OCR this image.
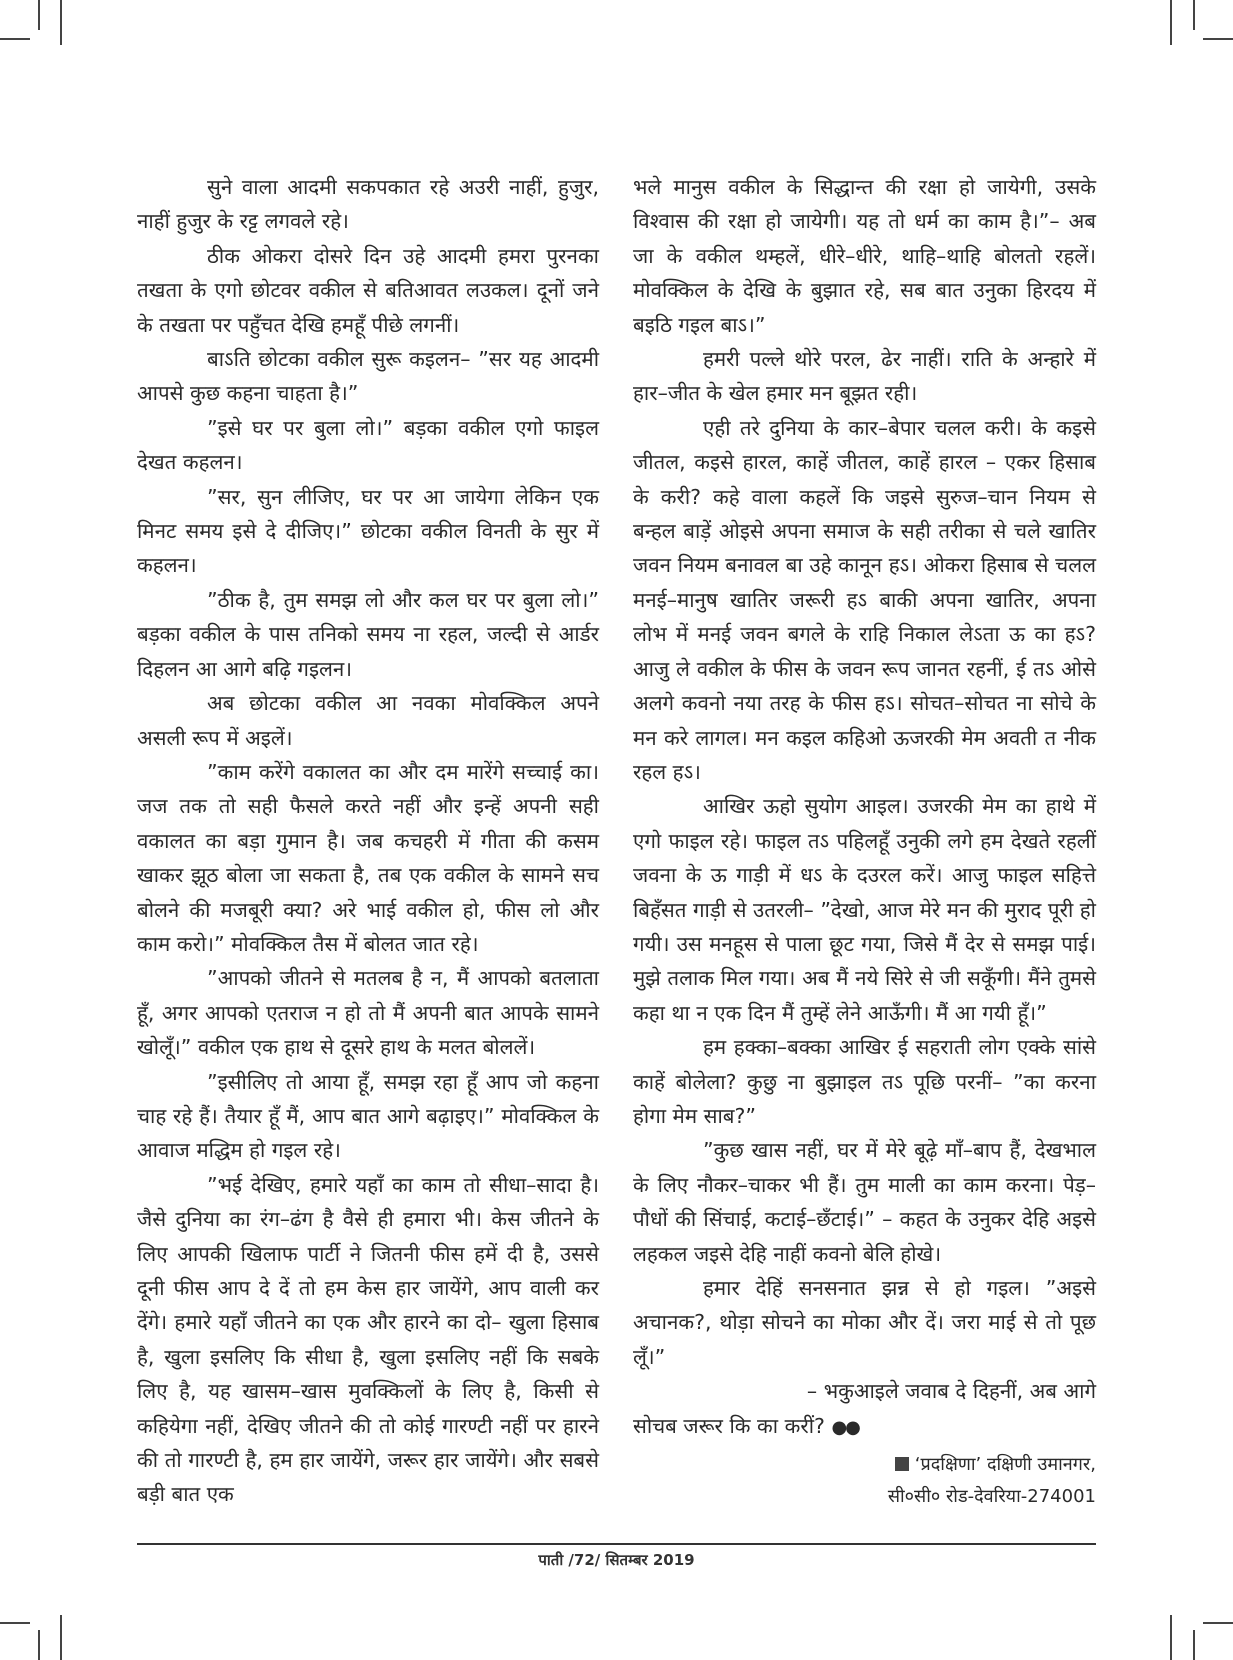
सुने वाला आदमी सकपकात रहे अउरी नाहीं, हुजुर, नाहीं हुजुर के रट्ट लगवले रहे।

ठीक ओकरा दोसरे दिन उहे आदमी हमरा पुरनका तखता के एगो छोटवर वकील से बतिआवत लउकल। दूनों जने के तखता पर पहुँचत देखि हमहूँ पीछे लगनीं।

बाऽति छोटका वकील सुरू कइलन– ”सर यह आदमी आपसे कुछ कहना चाहता है।”

”इसे घर पर बुला लो।” बड़का वकील एगो फाइल देखत कहलन।

”सर, सुन लीजिए, घर पर आ जायेगा लेकिन एक मिनट समय इसे दे दीजिए।” छोटका वकील विनती के सुर में कहलन।

”ठीक है, तुम समझ लो और कल घर पर बुला लो।” बड़का वकील के पास तनिको समय ना रहल, जल्दी से आर्डर दिहलन आ आगे बढ़ि गइलन।

अब छोटका वकील आ नवका मोवक्किल अपने असली रूप में अइलें।

”काम करेंगे वकालत का और दम मारेंगे सच्चाई का। जज तक तो सही फैसले करते नहीं और इन्हें अपनी सही वकालत का बड़ा गुमान है। जब कचहरी में गीता की कसम खाकर झूठ बोला जा सकता है, तब एक वकील के सामने सच बोलने की मजबूरी क्या? अरे भाई वकील हो, फीस लो और काम करो।” मोवक्किल तैस में बोलत जात रहे।

”आपको जीतने से मतलब है न, मैं आपको बतलाता हूँ, अगर आपको एतराज न हो तो मैं अपनी बात आपके सामने खोलूँ।” वकील एक हाथ से दूसरे हाथ के मलत बोललें।

”इसीलिए तो आया हूँ, समझ रहा हूँ आप जो कहना चाह रहे हैं। तैयार हूँ मैं, आप बात आगे बढ़ाइए।” मोवक्किल के आवाज मद्धिम हो गइल रहे।

”भई देखिए, हमारे यहाँ का काम तो सीधा–सादा है। जैसे दुनिया का रंग–ढंग है वैसे ही हमारा भी। केस जीतने के लिए आपकी खिलाफ पार्टी ने जितनी फीस हमें दी है, उससे दूनी फीस आप दे दें तो हम केस हार जायेंगे, आप वाली कर देंगे। हमारे यहाँ जीतने का एक और हारने का दो– खुला हिसाब है, खुला इसलिए कि सीधा है, खुला इसलिए नहीं कि सबके लिए है, यह खासम–खास मुवक्किलों के लिए है, किसी से कहियेगा नहीं, देखिए जीतने की तो कोई गारण्टी नहीं पर हारने की तो गारण्टी है, हम हार जायेंगे, जरूर हार जायेंगे। और सबसे बड़ी बात एक

भले मानुस वकील के सिद्धान्त की रक्षा हो जायेगी, उसके विश्वास की रक्षा हो जायेगी। यह तो धर्म का काम है।”– अब जा के वकील थम्हलें, धीरे–धीरे, थाहि–थाहि बोलतो रहलें। मोवक्किल के देखि के बुझात रहे, सब बात उनुका हिरदय में बइठि गइल बाऽ।”

हमरी पल्ले थोरे परल, ढेर नाहीं। राति के अन्हारे में हार–जीत के खेल हमार मन बूझत रही।

एही तरे दुनिया के कार–बेपार चलल करी। के कइसे जीतल, कइसे हारल, काहें जीतल, काहें हारल – एकर हिसाब के करी? कहे वाला कहलें कि जइसे सुरुज–चान नियम से बन्हल बाड़ें ओइसे अपना समाज के सही तरीका से चले खातिर जवन नियम बनावल बा उहे कानून हऽ। ओकरा हिसाब से चलल मनई–मानुष खातिर जरूरी हऽ बाकी अपना खातिर, अपना लोभ में मनई जवन बगले के राहि निकाल लेऽता ऊ का हऽ? आजु ले वकील के फीस के जवन रूप जानत रहनीं, ई तऽ ओसे अलगे कवनो नया तरह के फीस हऽ। सोचत–सोचत ना सोचे के मन करे लागल। मन कइल कहिओ ऊजरकी मेम अवती त नीक रहल हऽ।

आखिर ऊहो सुयोग आइल। उजरकी मेम का हाथे में एगो फाइल रहे। फाइल तऽ पहिलहूँ उनुकी लगे हम देखते रहलीं जवना के ऊ गाड़ी में धऽ के दउरल करें। आजु फाइल सहित्ते बिहँसत गाड़ी से उतरली– ”देखो, आज मेरे मन की मुराद पूरी हो गयी। उस मनहूस से पाला छूट गया, जिसे मैं देर से समझ पाई। मुझे तलाक मिल गया। अब मैं नये सिरे से जी सकूँगी। मैंने तुमसे कहा था न एक दिन मैं तुम्हें लेने आऊँगी। मैं आ गयी हूँ।”

हम हक्का–बक्का आखिर ई सहराती लोग एक्के सांसे काहें बोलेला? कुछु ना बुझाइल तऽ पूछि परनीं– ”का करना होगा मेम साब?”

”कुछ खास नहीं, घर में मेरे बूढ़े माँ–बाप हैं, देखभाल के लिए नौकर–चाकर भी हैं। तुम माली का काम करना। पेड़–पौधों की सिंचाई, कटाई–छँटाई।” – कहत के उनुकर देहि अइसे लहकल जइसे देहि नाहीं कवनो बेलि होखे।

हमार देहिं सनसनात झन्न से हो गइल। ”अइसे अचानक?, थोड़ा सोचने का मोका और दें। जरा माई से तो पूछ लूँ।”

– भकुआइले जवाब दे दिहनीं, अब आगे

सोचब जरूर कि का करीं? ●●

‘प्रदक्षिणा’ दक्षिणी उमानगर,
सी०सी० रोड-देवरिया-274001
पाती /72/ सितम्बर 2019
